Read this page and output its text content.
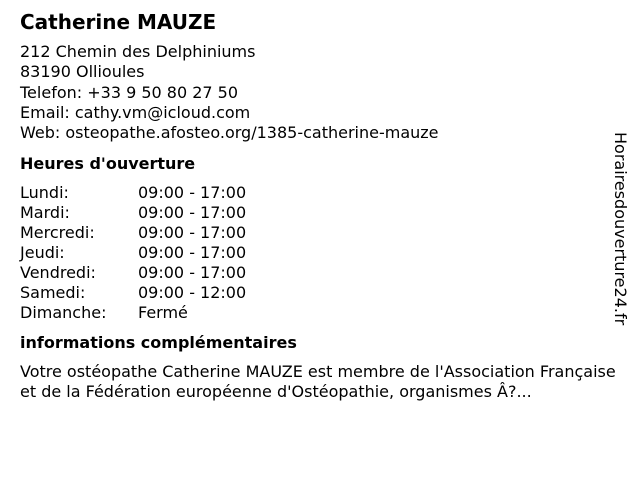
Catherine MAUZE
212 Chemin des Delphiniums
83190 Ollioules
Telefon: +33 9 50 80 27 50
Email: cathy.vm@icloud.com
Web: osteopathe.afosteo.org/1385-catherine-mauze
Heures d'ouverture
Lundi:	09:00 - 17:00
Mardi:	09:00 - 17:00
Mercredi:	09:00 - 17:00
Jeudi:	09:00 - 17:00
Vendredi:	09:00 - 17:00
Samedi:	09:00 - 12:00
Dimanche: Fermé
informations complémentaires
Votre ostéopathe Catherine MAUZE est membre de l'Association Française et de la Fédération européenne d'Ostéopathie, organismes Â?...
Horairesdouverture24.fr
